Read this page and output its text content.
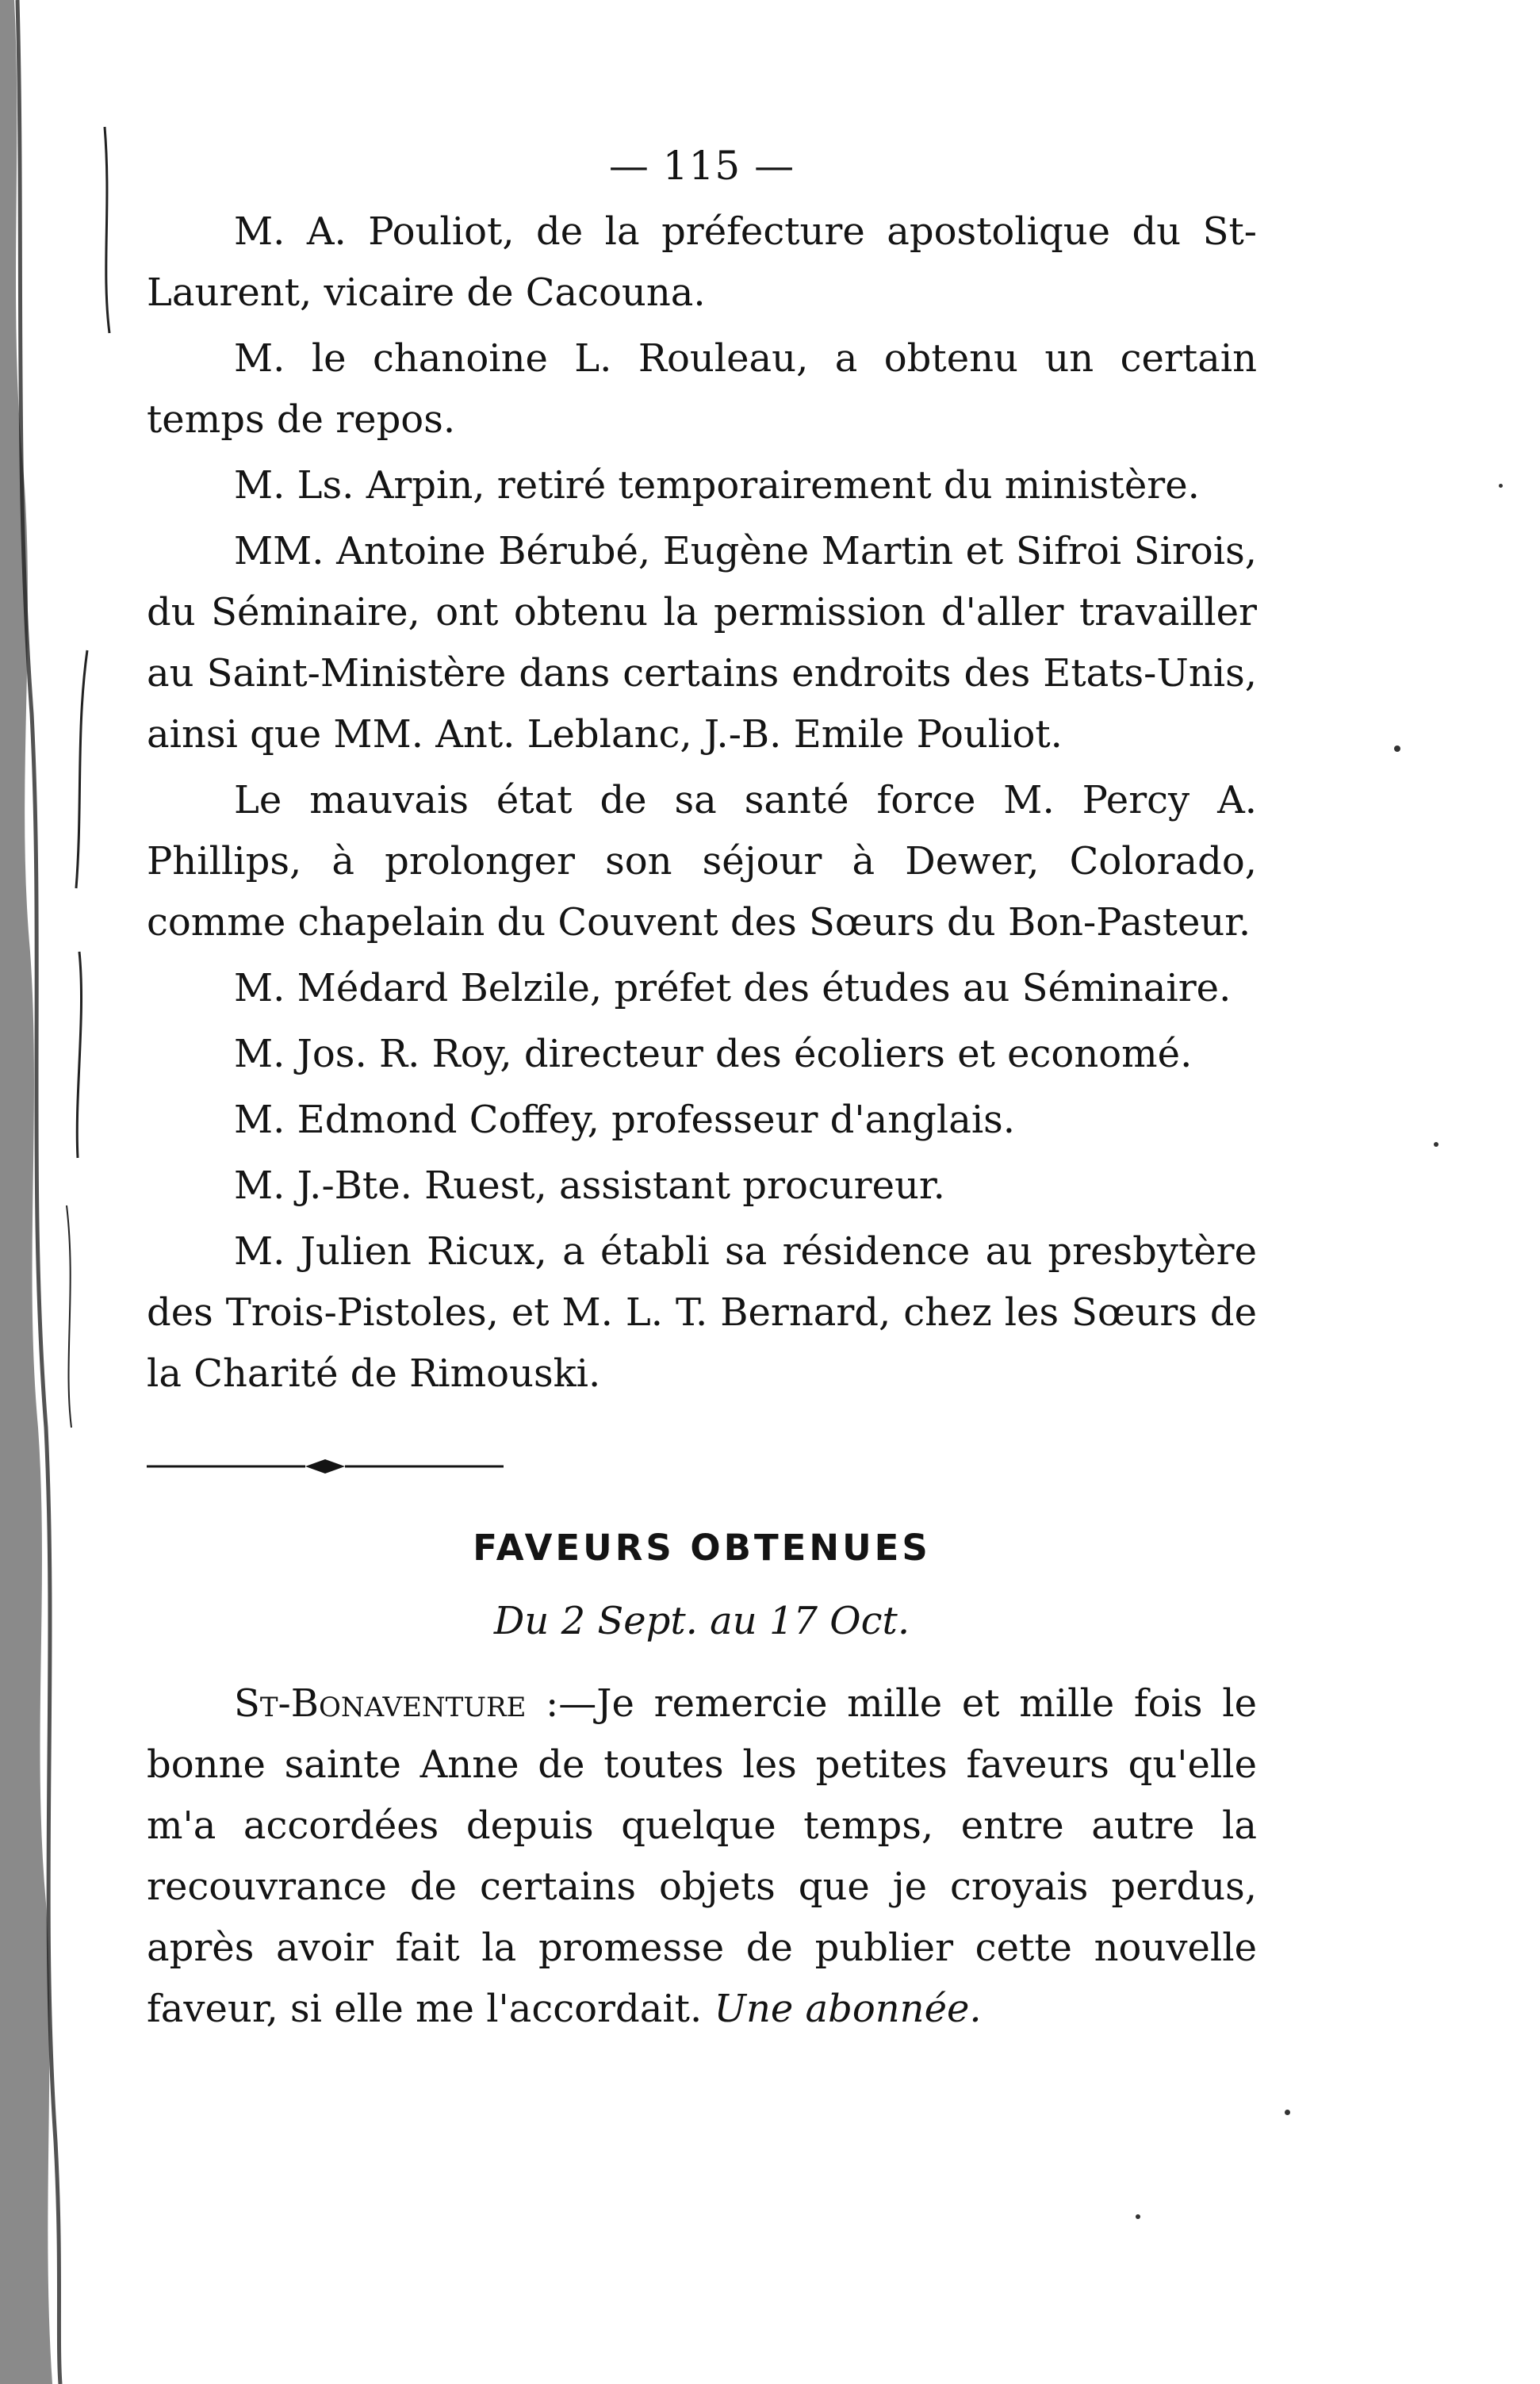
— 115 —

M. A. Pouliot, de la préfecture apostolique du St-Laurent, vicaire de Cacouna.

M. le chanoine L. Rouleau, a obtenu un certain temps de repos.

M. Ls. Arpin, retiré temporairement du ministère.

MM. Antoine Bérubé, Eugène Martin et Sifroi Sirois, du Séminaire, ont obtenu la permission d'aller travailler au Saint-Ministère dans certains endroits des Etats-Unis, ainsi que MM. Ant. Leblanc, J.-B. Emile Pouliot.

Le mauvais état de sa santé force M. Percy A. Phillips, à prolonger son séjour à Dewer, Colorado, comme chapelain du Couvent des Sœurs du Bon-Pasteur.

M. Médard Belzile, préfet des études au Séminaire.

M. Jos. R. Roy, directeur des écoliers et economé.

M. Edmond Coffey, professeur d'anglais.

M. J.-Bte. Ruest, assistant procureur.

M. Julien Ricux, a établi sa résidence au presbytère des Trois-Pistoles, et M. L. T. Bernard, chez les Sœurs de la Charité de Rimouski.

FAVEURS OBTENUES
Du 2 Sept. au 17 Oct.

St-Bonaventure :—Je remercie mille et mille fois le bonne sainte Anne de toutes les petites faveurs qu'elle m'a accordées depuis quelque temps, entre autre la recouvrance de certains objets que je croyais perdus, après avoir fait la promesse de publier cette nouvelle faveur, si elle me l'accordait. Une abonnée.
